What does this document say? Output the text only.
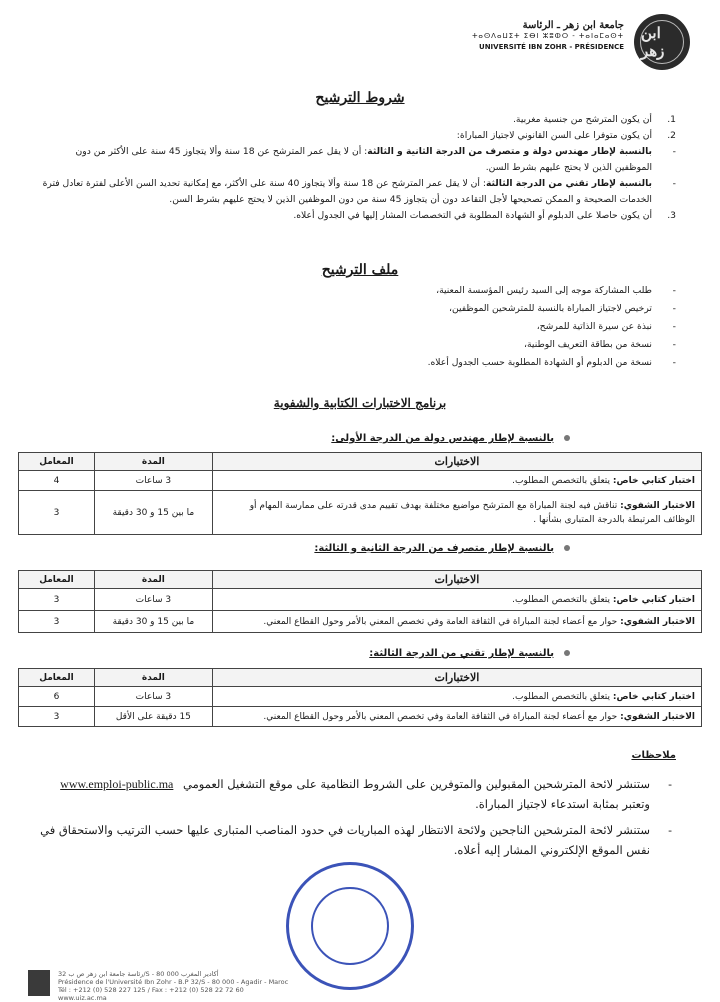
ابن زهر
جامعة ابن زهر ـ الرئاسة
ⵜⴰⵙⴷⴰⵡⵉⵜ ⵉⴱⵏ ⵣⵓⵀⵔ - ⵜⴰⵏⴰⵎⴰⵙⵜ
UNIVERSITÉ IBN ZOHR - PRÉSIDENCE
شروط الترشيح
1.
أن يكون المترشح من جنسية مغربية.
2.
أن يكون متوفرا على السن القانوني لاجتياز المباراة:
-
بالنسبة لإطار مهندس دولة و متصرف من الدرجة الثانية و الثالثة: أن لا يقل عمر المترشح عن 18 سنة وألا يتجاوز 45 سنة على الأكثر من دون الموظفين الذين لا يحتج عليهم بشرط السن.
-
بالنسبة لإطار تقني من الدرجة الثالثة: أن لا يقل عمر المترشح عن 18 سنة وألا يتجاوز 40 سنة على الأكثر، مع إمكانية تحديد السن الأعلى لفترة تعادل فترة الخدمات الصحيحة و الممكن تصحيحها لأجل التقاعد دون أن يتجاوز 45 سنة من دون الموظفين الذين لا يحتج عليهم بشرط السن.
3.
أن يكون حاصلا على الدبلوم أو الشهادة المطلوبة في التخصصات المشار إليها في الجدول أعلاه.
ملف الترشيح
- طلب المشاركة موجه إلى السيد رئيس المؤسسة المعنية،
- ترخيص لاجتياز المباراة بالنسبة للمترشحين الموظفين،
- نبذة عن سيرة الذاتية للمرشح،
- نسخة من بطاقة التعريف الوطنية،
- نسخة من الدبلوم أو الشهادة المطلوبة حسب الجدول أعلاه.
برنامج الاختبارات الكتابية والشفوية
بالنسبة لإطار مهندس دولة من الدرجة الأولى:
الاختبارات	المدة	المعامل
اختبار كتابي خاص: يتعلق بالتخصص المطلوب.	3 ساعات	4
الاختبار الشفوي: تناقش فيه لجنة المباراة مع المترشح مواضيع مختلفة بهدف تقييم مدى قدرته على ممارسة المهام أو الوظائف المرتبطة بالدرجة المتبارى بشأنها .	ما بين 15 و 30 دقيقة	3
بالنسبة لإطار متصرف من الدرجة الثانية و الثالثة:
الاختبارات	المدة	المعامل
اختبار كتابي خاص: يتعلق بالتخصص المطلوب.	3 ساعات	3
الاختبار الشفوي: حوار مع أعضاء لجنة المباراة في الثقافة العامة وفي تخصص المعني بالأمر وحول القطاع المعني.	ما بين 15 و 30 دقيقة	3
بالنسبة لإطار تقني من الدرجة الثالثة:
الاختبارات	المدة	المعامل
اختبار كتابي خاص: يتعلق بالتخصص المطلوب.	3 ساعات	6
الاختبار الشفوي: حوار مع أعضاء لجنة المباراة في الثقافة العامة وفي تخصص المعني بالأمر وحول القطاع المعني.	15 دقيقة على الأقل	3
ملاحظات
- ستنشر لائحة المترشحين المقبولين والمتوفرين على الشروط النظامية على موقع التشغيل العمومي www.emploi-public.ma
وتعتبر بمثابة استدعاء لاجتياز المباراة.
- ستنشر لائحة المترشحين الناجحين ولائحة الانتظار لهذه المباريات في حدود المناصب المتبارى عليها حسب الترتيب والاستحقاق في نفس الموقع الإلكتروني المشار إليه أعلاه.
رئاسة جامعة ابن زهر ص ب 32/S - 80 000 أكادير المغرب
Présidence de l'Université Ibn Zohr - B.P 32/S - 80 000 - Agadir - Maroc
Tél : +212 (0) 528 227 125 / Fax : +212 (0) 528 22 72 60
www.uiz.ac.ma
